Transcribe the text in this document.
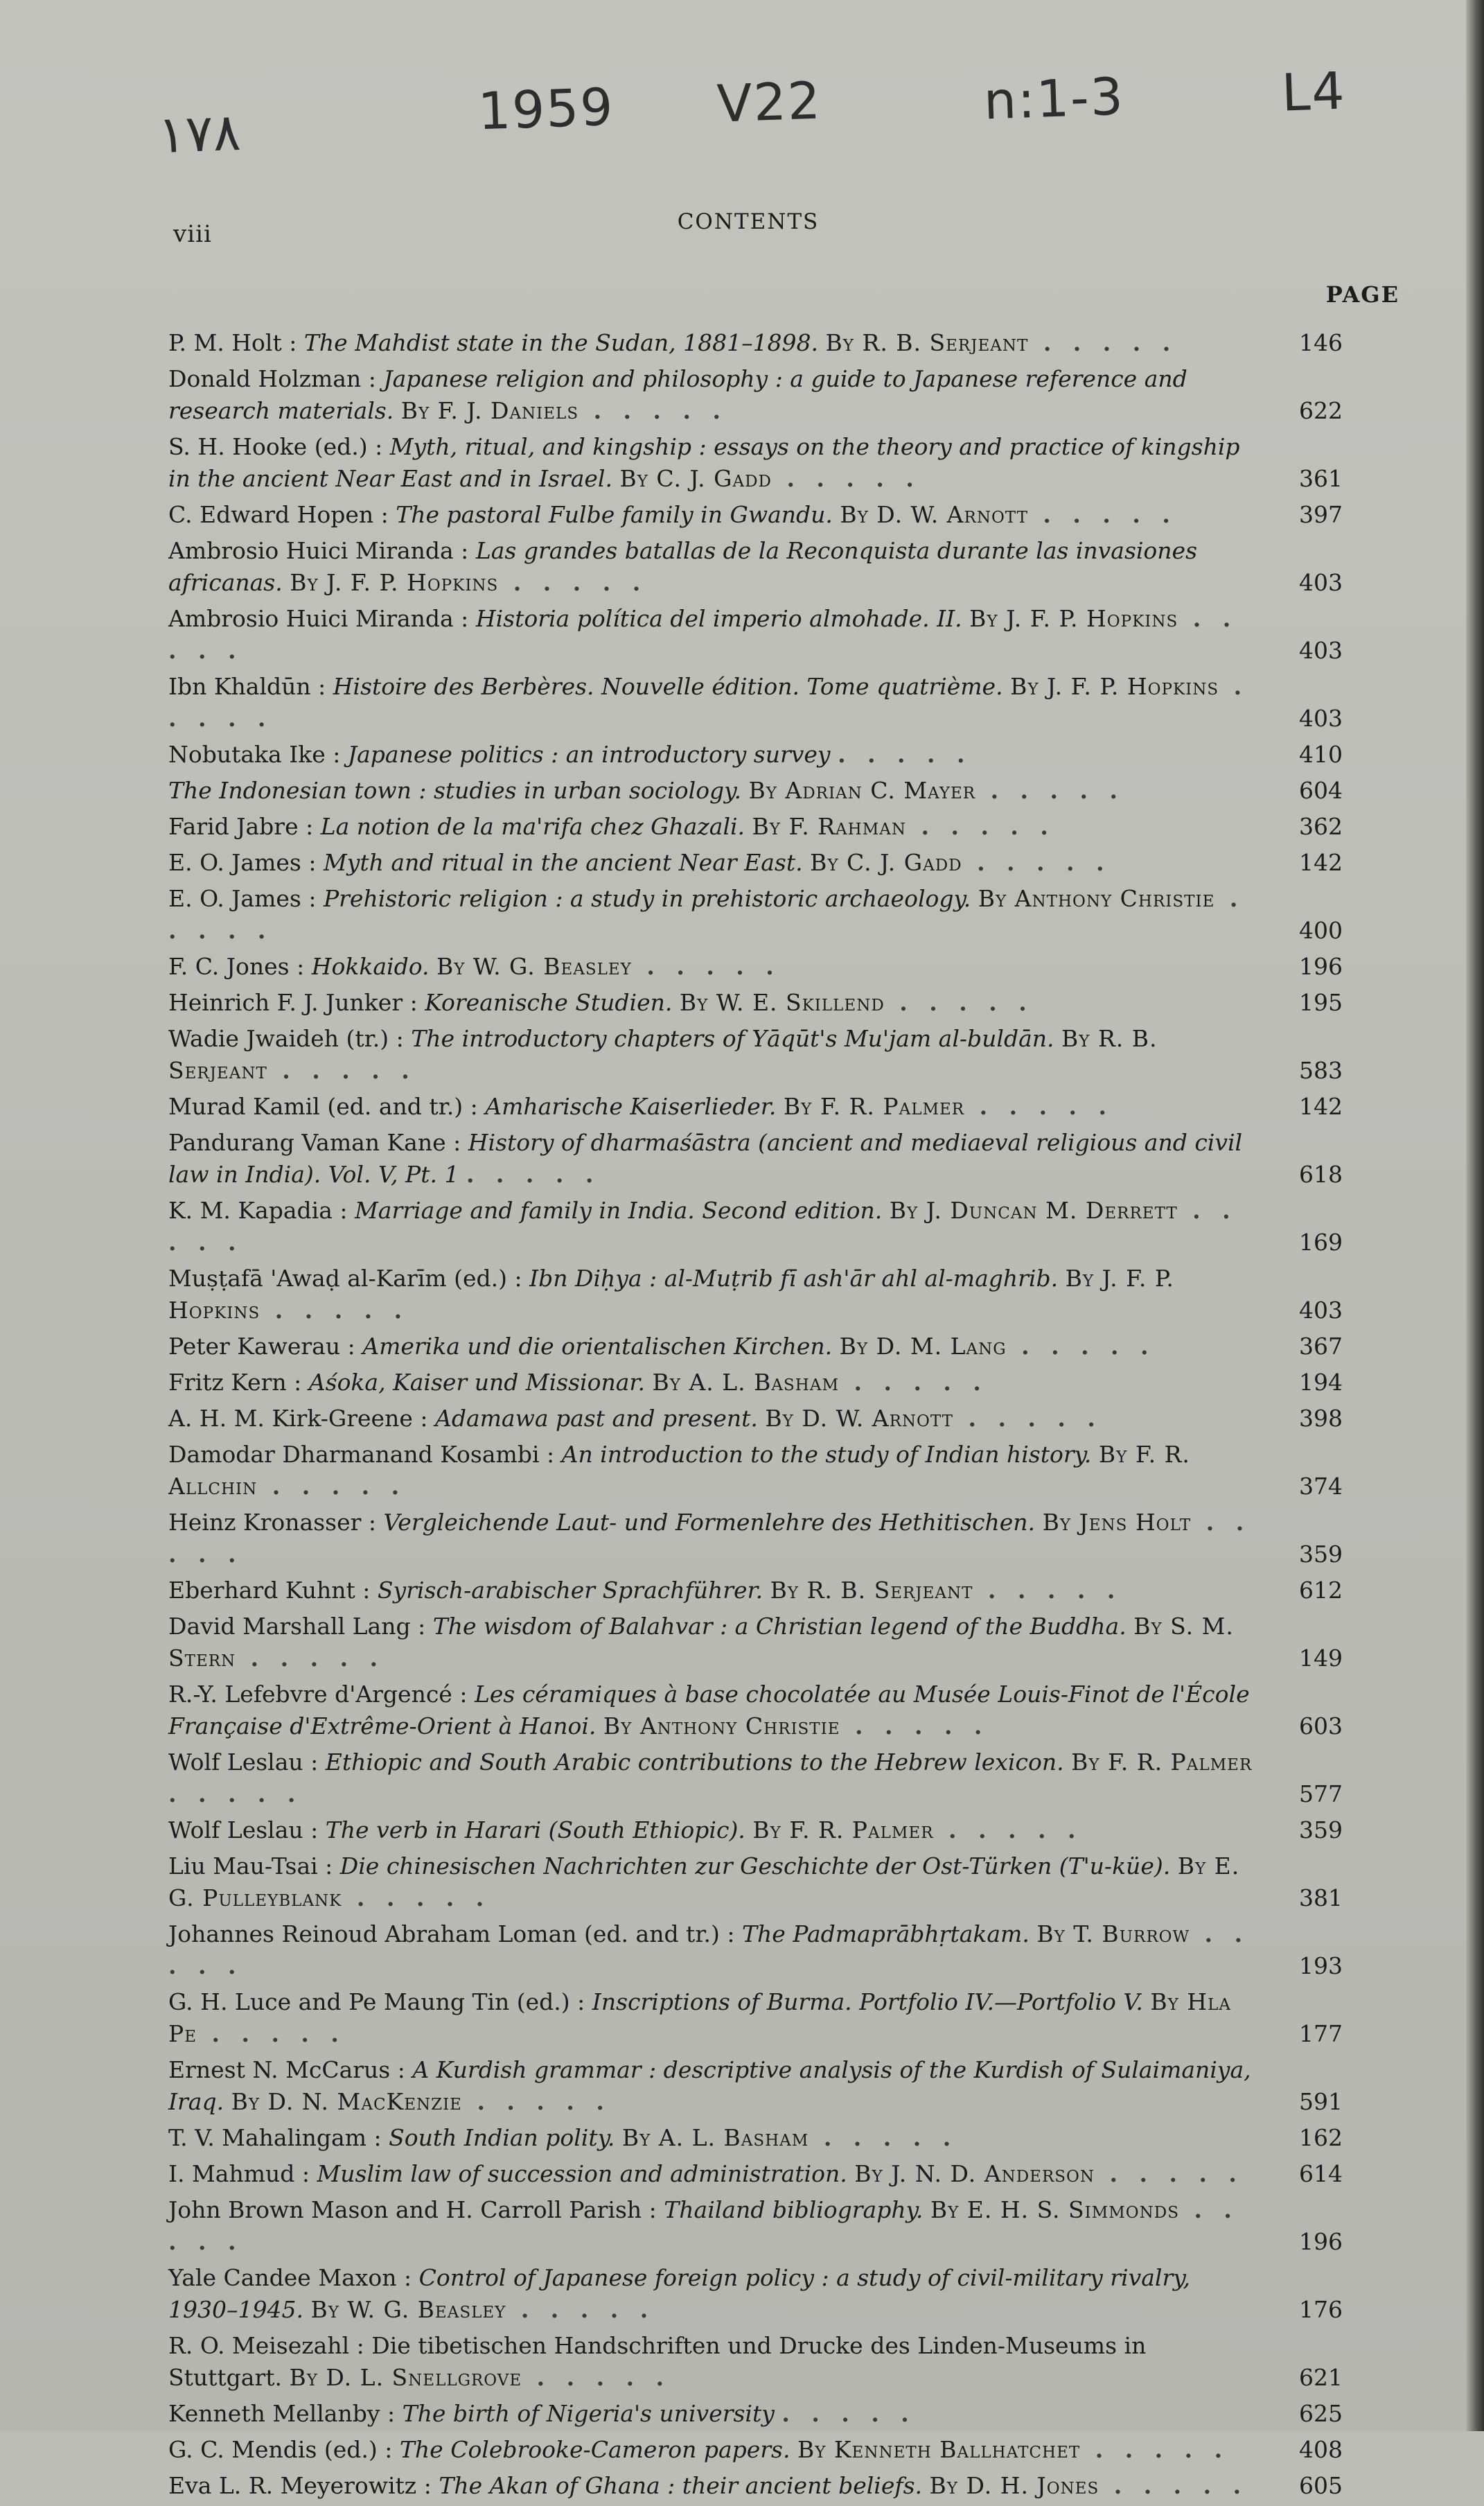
١٧٨	1959 V22	n:1-3	L4
viii	CONTENTS
PAGE
P. M. Holt : The Mahdist state in the Sudan, 1881–1898. By R. B. Serjeant . . . . .	146
Donald Holzman : Japanese religion and philosophy : a guide to Japanese reference and research materials. By F. J. Daniels . . . . .	622
S. H. Hooke (ed.) : Myth, ritual, and kingship : essays on the theory and practice of kingship in the ancient Near East and in Israel. By C. J. Gadd . . . . .	361
C. Edward Hopen : The pastoral Fulbe family in Gwandu. By D. W. Arnott . . . . .	397
Ambrosio Huici Miranda : Las grandes batallas de la Reconquista durante las invasiones africanas. By J. F. P. Hopkins . . . . .	403
Ambrosio Huici Miranda : Historia política del imperio almohade. II. By J. F. P. Hopkins . . . . .	403
Ibn Khaldūn : Histoire des Berbères. Nouvelle édition. Tome quatrième. By J. F. P. Hopkins . . . . .	403
Nobutaka Ike : Japanese politics : an introductory survey . . . . .	410
The Indonesian town : studies in urban sociology. By Adrian C. Mayer . . . . .	604
Farid Jabre : La notion de la ma'rifa chez Ghazali. By F. Rahman . . . . .	362
E. O. James : Myth and ritual in the ancient Near East. By C. J. Gadd . . . . .	142
E. O. James : Prehistoric religion : a study in prehistoric archaeology. By Anthony Christie . . . . .	400
F. C. Jones : Hokkaido. By W. G. Beasley . . . . .	196
Heinrich F. J. Junker : Koreanische Studien. By W. E. Skillend . . . . .	195
Wadie Jwaideh (tr.) : The introductory chapters of Yāqūt's Mu'jam al-buldān. By R. B. Serjeant . . . . .	583
Murad Kamil (ed. and tr.) : Amharische Kaiserlieder. By F. R. Palmer . . . . .	142
Pandurang Vaman Kane : History of dharmaśāstra (ancient and mediaeval religious and civil law in India). Vol. V, Pt. 1 . . . . .	618
K. M. Kapadia : Marriage and family in India. Second edition. By J. Duncan M. Derrett . . . . .	169
Muṣṭafā 'Awaḍ al-Karīm (ed.) : Ibn Diḥya : al-Muṭrib fī ash'ār ahl al-maghrib. By J. F. P. Hopkins . . . . .	403
Peter Kawerau : Amerika und die orientalischen Kirchen. By D. M. Lang . . . . .	367
Fritz Kern : Aśoka, Kaiser und Missionar. By A. L. Basham . . . . .	194
A. H. M. Kirk-Greene : Adamawa past and present. By D. W. Arnott . . . . .	398
Damodar Dharmanand Kosambi : An introduction to the study of Indian history. By F. R. Allchin . . . . .	374
Heinz Kronasser : Vergleichende Laut- und Formenlehre des Hethitischen. By Jens Holt . . . . .	359
Eberhard Kuhnt : Syrisch-arabischer Sprachführer. By R. B. Serjeant . . . . .	612
David Marshall Lang : The wisdom of Balahvar : a Christian legend of the Buddha. By S. M. Stern . . . . .	149
R.-Y. Lefebvre d'Argencé : Les céramiques à base chocolatée au Musée Louis-Finot de l'École Française d'Extrême-Orient à Hanoi. By Anthony Christie . . . . .	603
Wolf Leslau : Ethiopic and South Arabic contributions to the Hebrew lexicon. By F. R. Palmer . . . . .	577
Wolf Leslau : The verb in Harari (South Ethiopic). By F. R. Palmer . . . . .	359
Liu Mau-Tsai : Die chinesischen Nachrichten zur Geschichte der Ost-Türken (T'u-küe). By E. G. Pulleyblank . . . . .	381
Johannes Reinoud Abraham Loman (ed. and tr.) : The Padmaprābhṛtakam. By T. Burrow . . . . .	193
G. H. Luce and Pe Maung Tin (ed.) : Inscriptions of Burma. Portfolio IV.—Portfolio V. By Hla Pe . . . . .	177
Ernest N. McCarus : A Kurdish grammar : descriptive analysis of the Kurdish of Sulaimaniya, Iraq. By D. N. MacKenzie . . . . .	591
T. V. Mahalingam : South Indian polity. By A. L. Basham . . . . .	162
I. Mahmud : Muslim law of succession and administration. By J. N. D. Anderson . . . . .	614
John Brown Mason and H. Carroll Parish : Thailand bibliography. By E. H. S. Simmonds . . . . .	196
Yale Candee Maxon : Control of Japanese foreign policy : a study of civil-military rivalry, 1930–1945. By W. G. Beasley . . . . .	176
R. O. Meisezahl : Die tibetischen Handschriften und Drucke des Linden-Museums in Stuttgart. By D. L. Snellgrove . . . . .	621
Kenneth Mellanby : The birth of Nigeria's university . . . . .	625
G. C. Mendis (ed.) : The Colebrooke-Cameron papers. By Kenneth Ballhatchet . . . . .	408
Eva L. R. Meyerowitz : The Akan of Ghana : their ancient beliefs. By D. H. Jones . . . . . 605
